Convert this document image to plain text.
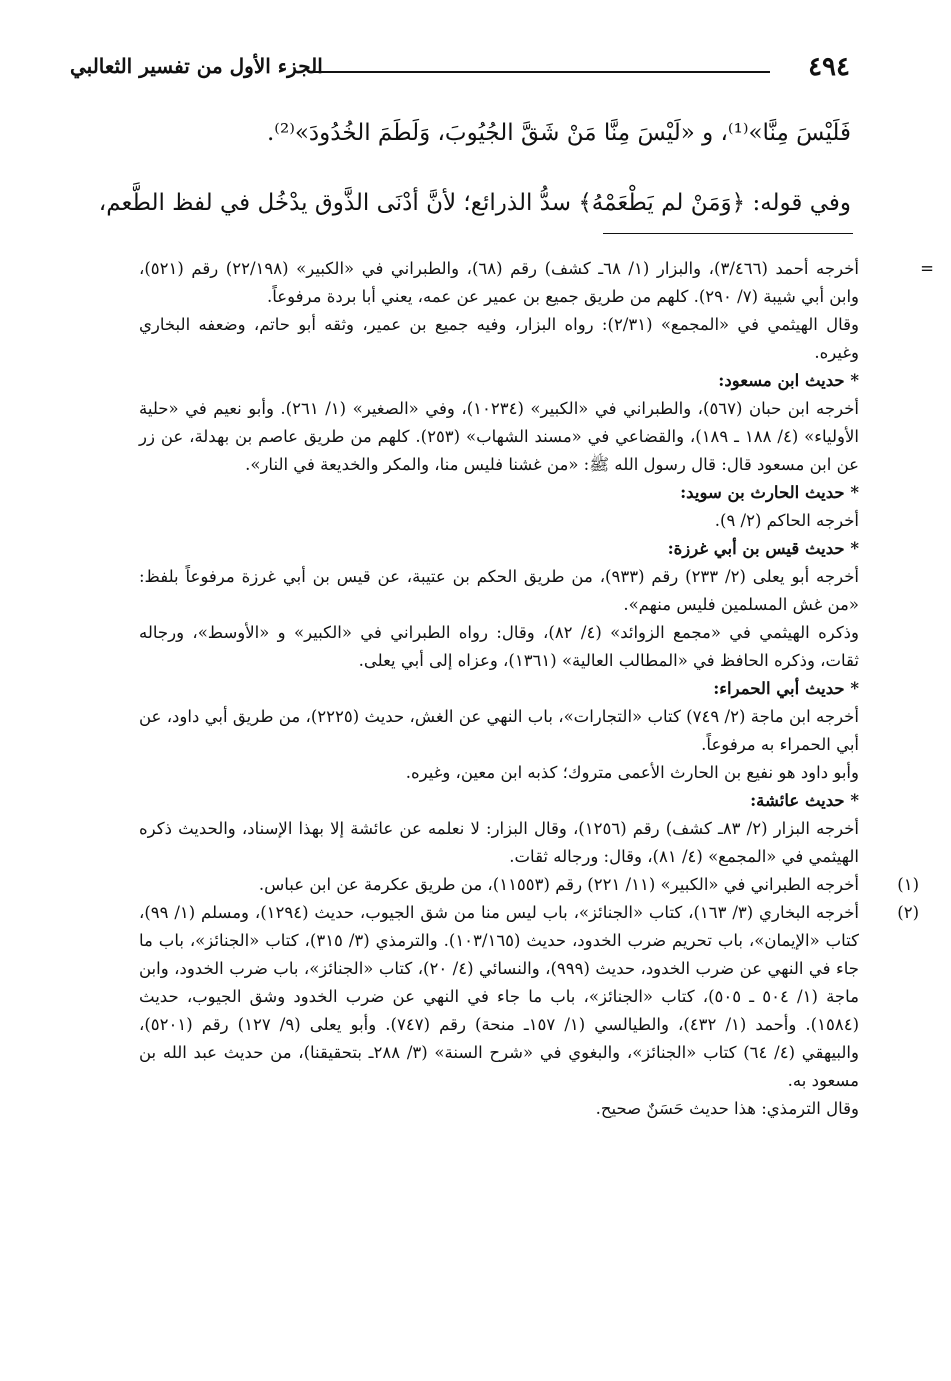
٤٩٤
الجزء الأول من تفسير الثعالبي
فَلَيْسَ مِنَّا»⁽¹⁾، و «لَيْسَ مِنَّا مَنْ شَقَّ الجُيُوبَ، وَلَطَمَ الخُدُودَ»⁽²⁾.
وفي قوله: ﴿وَمَنْ لم يَطْعَمْهُ﴾ سدُّ الذرائع؛ لأنَّ أدْنَى الذَّوق يدْخُل في لفظ الطَّعم،
=

أخرجه أحمد (٣/٤٦٦)، والبزار (١/ ٦٨ـ كشف) رقم (٦٨)، والطبراني في «الكبير» (٢٢/١٩٨) رقم (٥٢١)، وابن أبي شيبة (٧/ ٢٩٠). كلهم من طريق جميع بن عمير عن عمه، يعني أبا بردة مرفوعاً.

وقال الهيثمي في «المجمع» (٢/٣١): رواه البزار، وفيه جميع بن عمير، وثقه أبو حاتم، وضعفه البخاري وغيره.

* حديث ابن مسعود:

أخرجه ابن حبان (٥٦٧)، والطبراني في «الكبير» (١٠٢٣٤)، وفي «الصغير» (١/ ٢٦١). وأبو نعيم في «حلية الأولياء» (٤/ ١٨٨ ـ ١٨٩)، والقضاعي في «مسند الشهاب» (٢٥٣). كلهم من طريق عاصم بن بهدلة، عن زر عن ابن مسعود قال: قال رسول الله ﷺ: «من غشنا فليس منا، والمكر والخديعة في النار».

* حديث الحارث بن سويد:

أخرجه الحاكم (٢/ ٩).

* حديث قيس بن أبي غرزة:

أخرجه أبو يعلى (٢/ ٢٣٣) رقم (٩٣٣)، من طريق الحكم بن عتيبة، عن قيس بن أبي غرزة مرفوعاً بلفظ: «من غش المسلمين فليس منهم».

وذكره الهيثمي في «مجمع الزوائد» (٤/ ٨٢)، وقال: رواه الطبراني في «الكبير» و «الأوسط»، ورجاله ثقات، وذكره الحافظ في «المطالب العالية» (١٣٦١)، وعزاه إلى أبي يعلى.

* حديث أبي الحمراء:

أخرجه ابن ماجة (٢/ ٧٤٩) كتاب «التجارات»، باب النهي عن الغش، حديث (٢٢٢٥)، من طريق أبي داود، عن أبي الحمراء به مرفوعاً.

وأبو داود هو نفيع بن الحارث الأعمى متروك؛ كذبه ابن معين، وغيره.

* حديث عائشة:

أخرجه البزار (٢/ ٨٣ـ كشف) رقم (١٢٥٦)، وقال البزار: لا نعلمه عن عائشة إلا بهذا الإسناد، والحديث ذكره الهيثمي في «المجمع» (٤/ ٨١)، وقال: ورجاله ثقات.

(١)

أخرجه الطبراني في «الكبير» (١١/ ٢٢١) رقم (١١٥٥٣)، من طريق عكرمة عن ابن عباس.

(٢)

أخرجه البخاري (٣/ ١٦٣)، كتاب «الجنائز»، باب ليس منا من شق الجيوب، حديث (١٢٩٤)، ومسلم (١/ ٩٩)، كتاب «الإيمان»، باب تحريم ضرب الخدود، حديث (١٠٣/١٦٥). والترمذي (٣/ ٣١٥)، كتاب «الجنائز»، باب ما جاء في النهي عن ضرب الخدود، حديث (٩٩٩)، والنسائي (٤/ ٢٠)، كتاب «الجنائز»، باب ضرب الخدود، وابن ماجة (١/ ٥٠٤ ـ ٥٠٥)، كتاب «الجنائز»، باب ما جاء في النهي عن ضرب الخدود وشق الجيوب، حديث (١٥٨٤). وأحمد (١/ ٤٣٢)، والطيالسي (١/ ١٥٧ـ منحة) رقم (٧٤٧). وأبو يعلى (٩/ ١٢٧) رقم (٥٢٠١)، والبيهقي (٤/ ٦٤) كتاب «الجنائز»، والبغوي في «شرح السنة» (٣/ ٢٨٨ـ بتحقيقنا)، من حديث عبد الله بن مسعود به.

وقال الترمذي: هذا حديث حَسَنٌ صحيح.
